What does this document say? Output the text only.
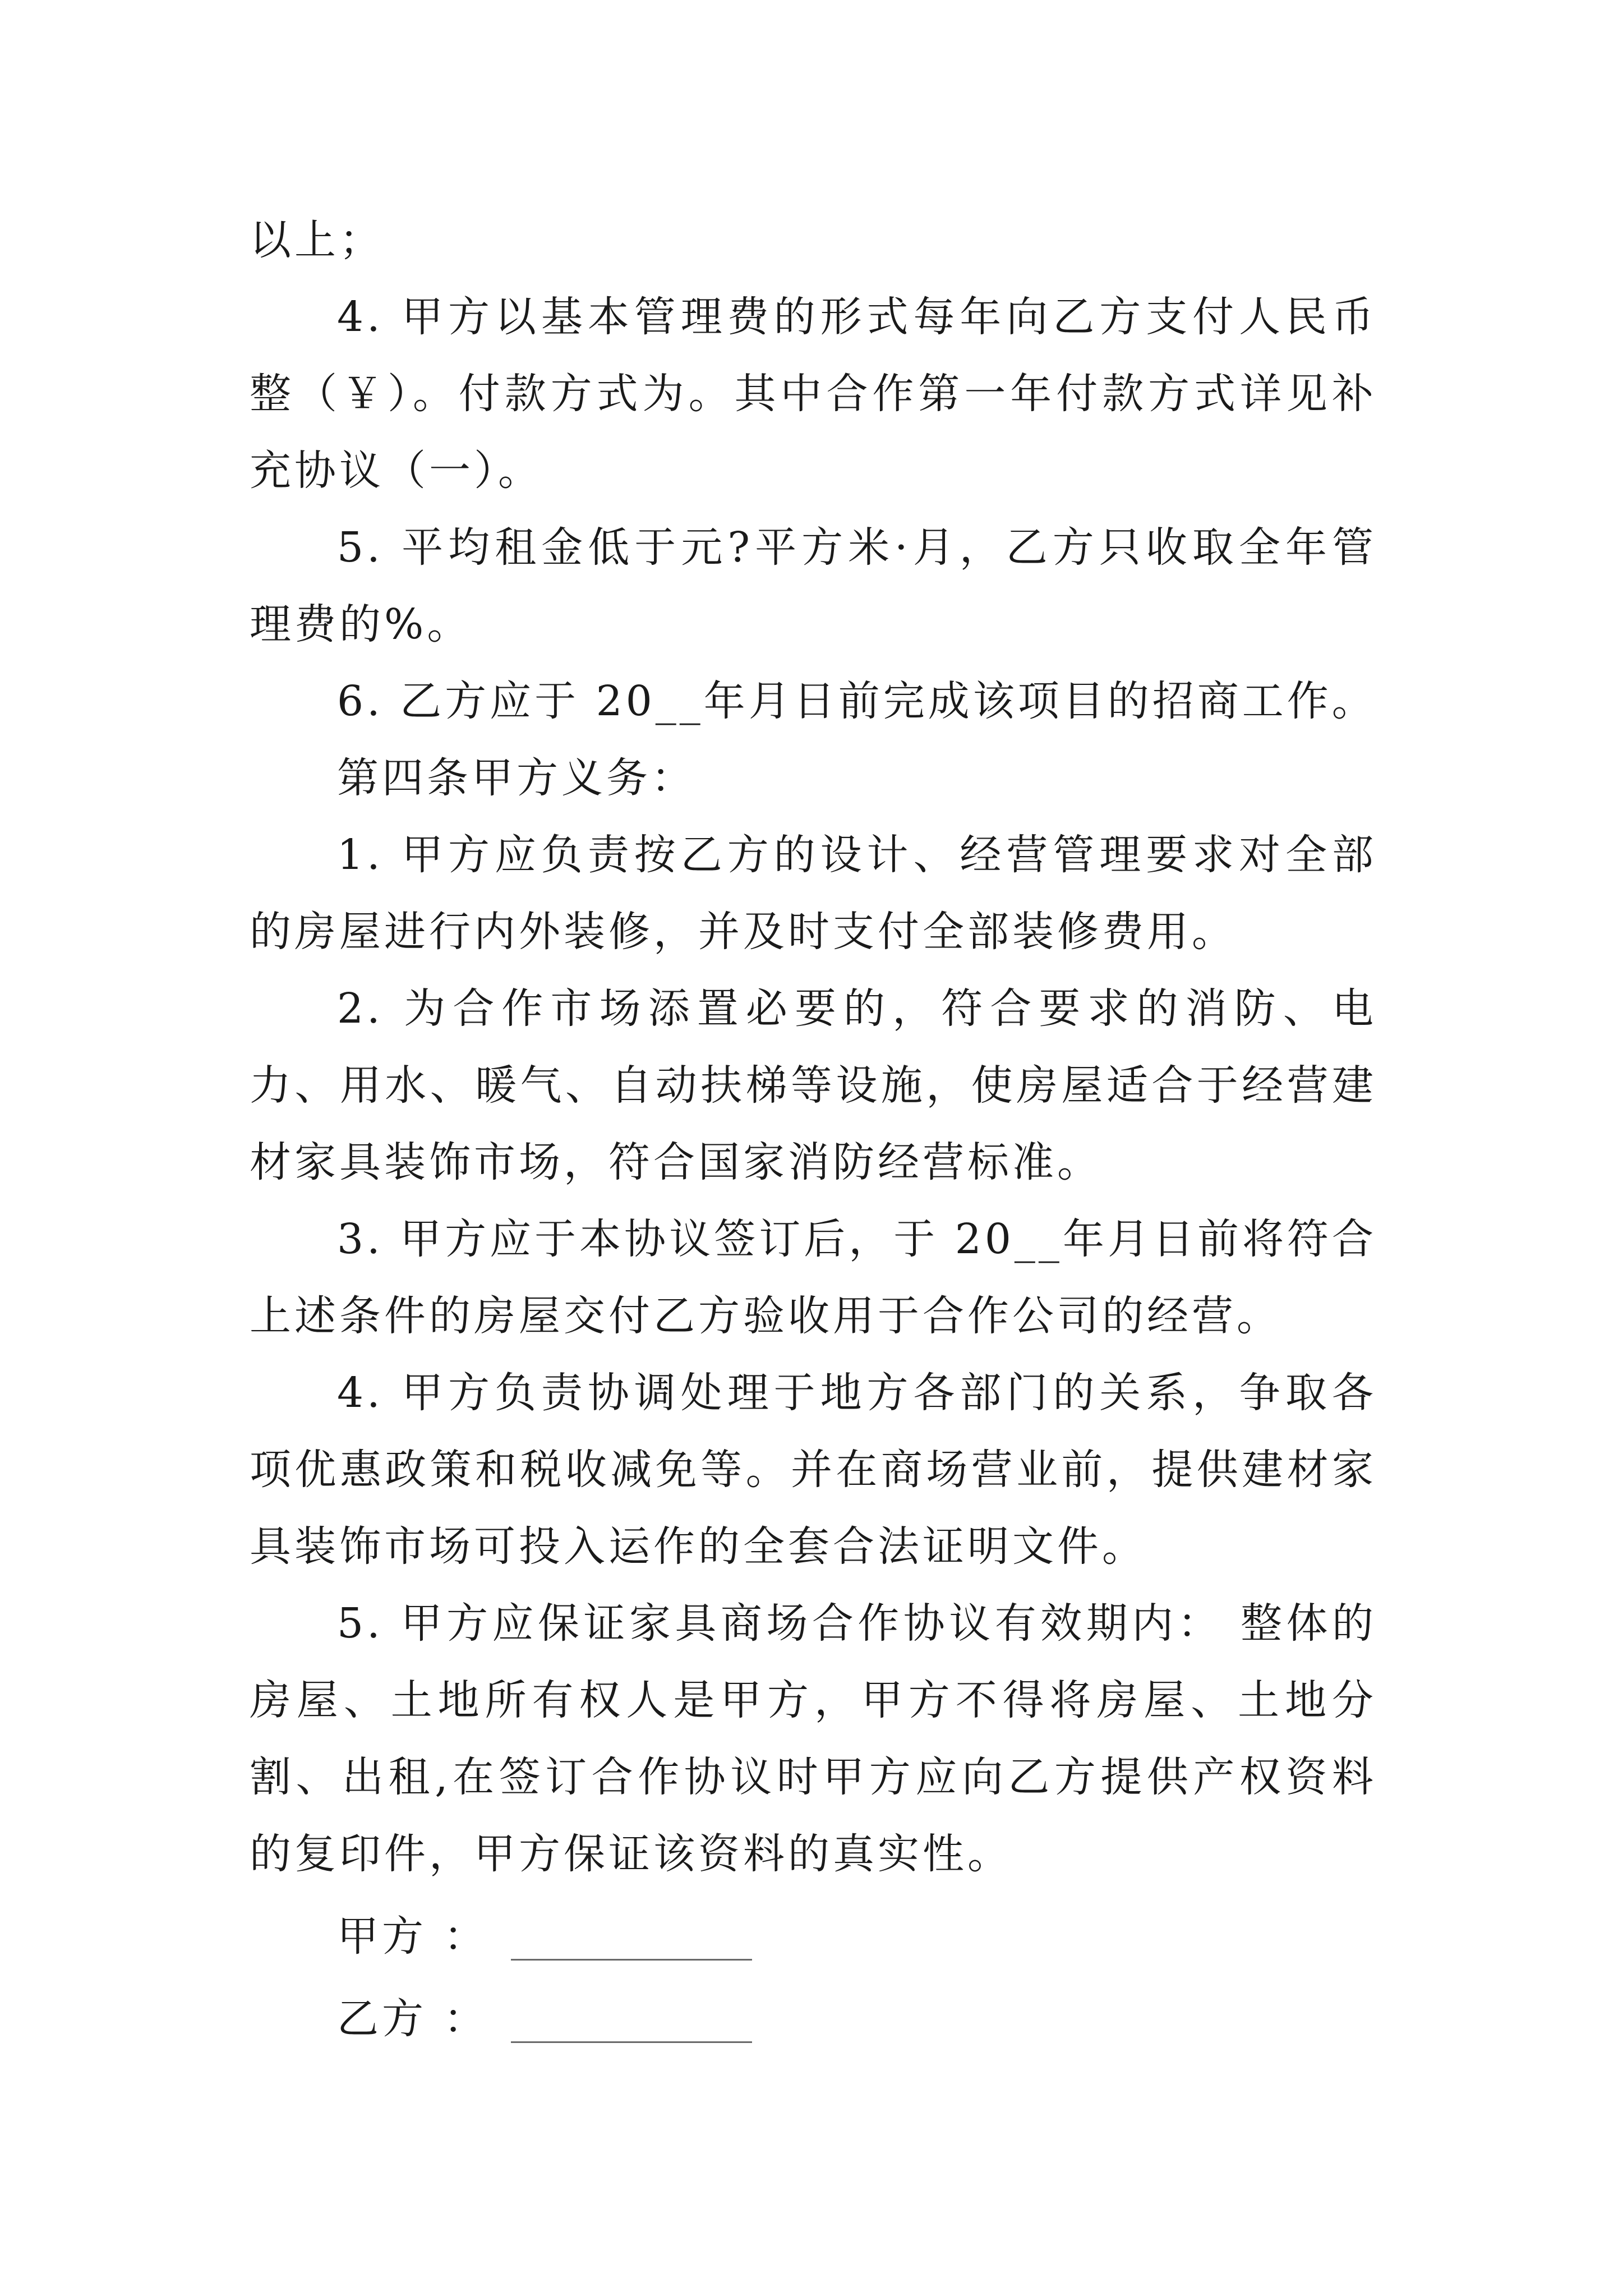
以上；

4. 甲方以基本管理费的形式每年向乙方支付人民币整（￥）。付款方式为。其中合作第一年付款方式详见补充协议（一）。

5. 平均租金低于元?平方米·月，乙方只收取全年管理费的%。

6. 乙方应于 20__年月日前完成该项目的招商工作。

第四条甲方义务：

1. 甲方应负责按乙方的设计、经营管理要求对全部的房屋进行内外装修，并及时支付全部装修费用。

2. 为合作市场添置必要的，符合要求的消防、电力、用水、暖气、自动扶梯等设施，使房屋适合于经营建材家具装饰市场，符合国家消防经营标准。

3. 甲方应于本协议签订后，于 20__年月日前将符合上述条件的房屋交付乙方验收用于合作公司的经营。

4. 甲方负责协调处理于地方各部门的关系，争取各项优惠政策和税收减免等。并在商场营业前，提供建材家具装饰市场可投入运作的全套合法证明文件。

5. 甲方应保证家具商场合作协议有效期内： 整体的房屋、土地所有权人是甲方，甲方不得将房屋、土地分割、出租,在签订合作协议时甲方应向乙方提供产权资料的复印件，甲方保证该资料的真实性。

甲方 ：
乙方 ：
